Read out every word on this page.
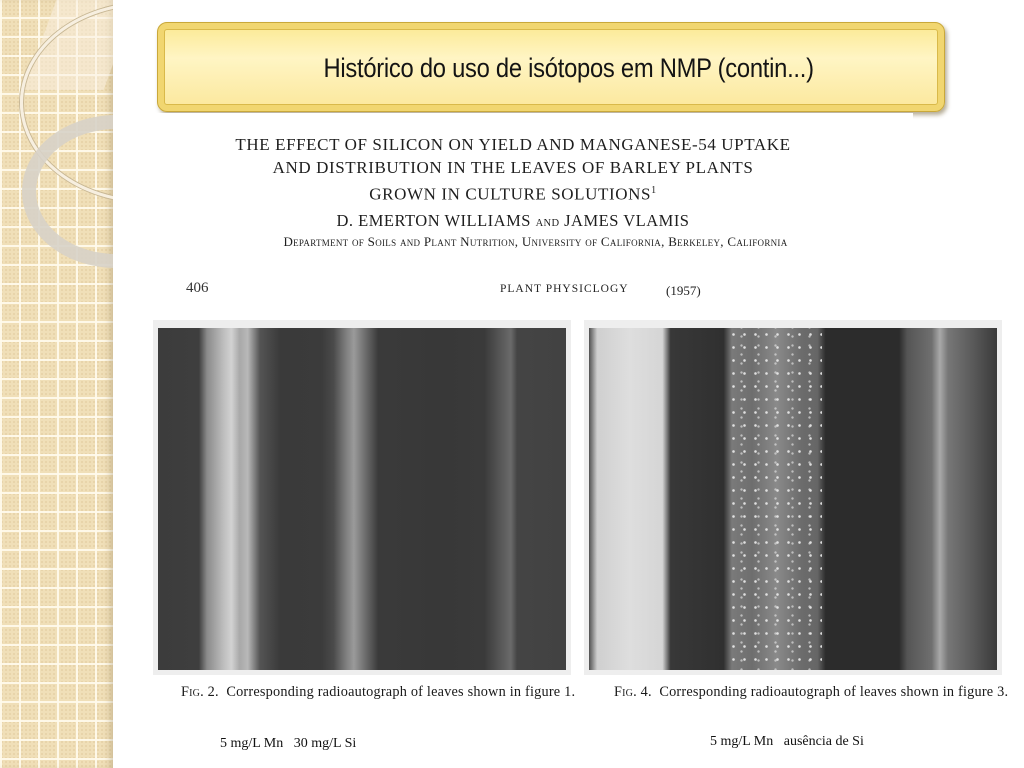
Histórico do uso de isótopos em NMP (contin...)
THE EFFECT OF SILICON ON YIELD AND MANGANESE-54 UPTAKE
AND DISTRIBUTION IN THE LEAVES OF BARLEY PLANTS
GROWN IN CULTURE SOLUTIONS$^1$
D. EMERTON WILLIAMS AND JAMES VLAMIS
Department of Soils and Plant Nutrition, University of California, Berkeley, California
406	PLANT PHYSICLOGY	(1957)
Fig. 2. Corresponding radioautograph of leaves shown in figure 1.	Fig. 4. Corresponding radioautograph of leaves shown in figure 3.
5 mg/L Mn   30 mg/L Si	5 mg/L Mn   ausência de Si
